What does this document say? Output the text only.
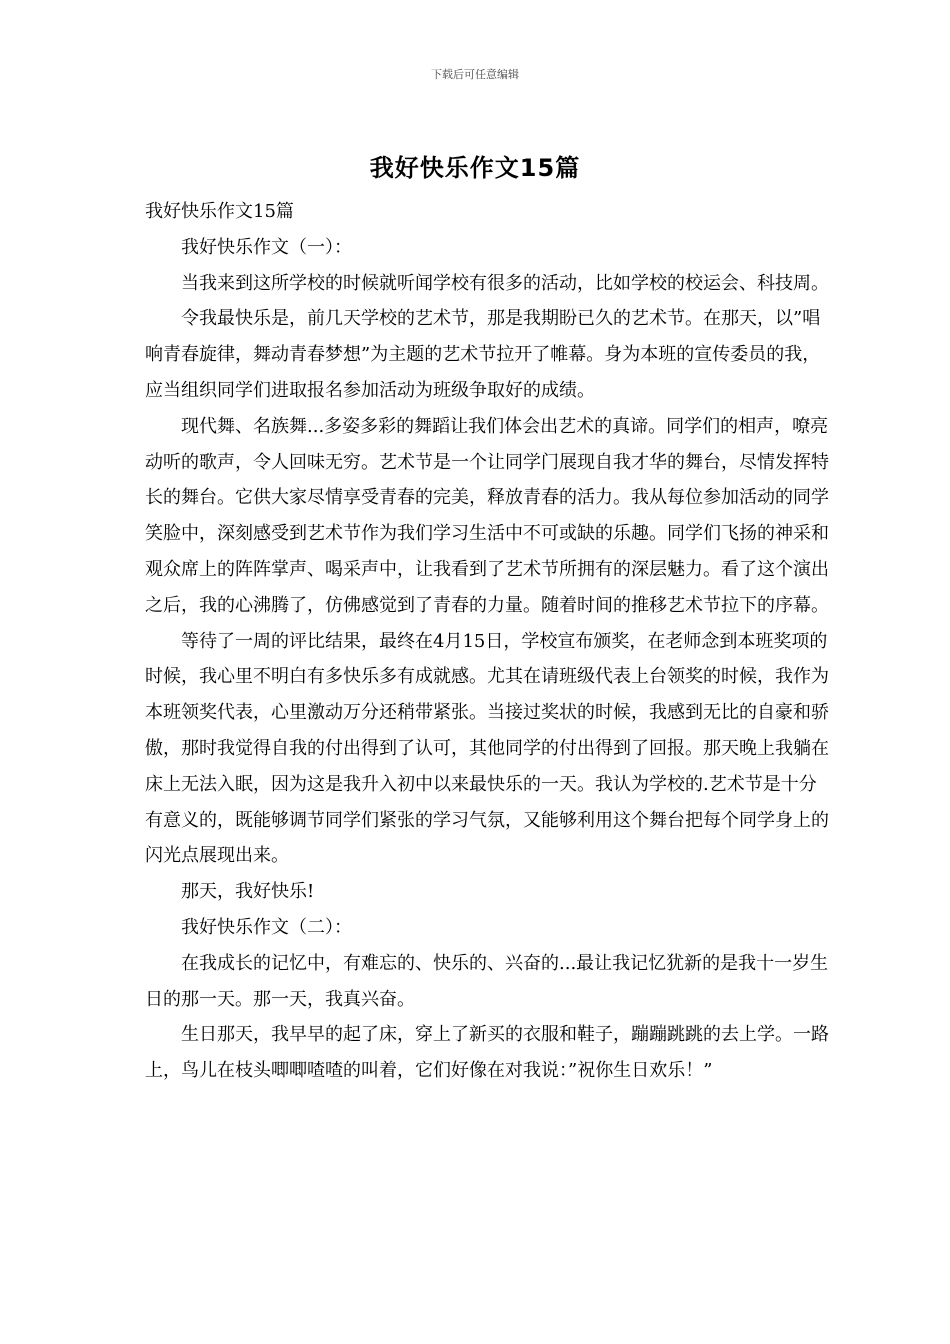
下载后可任意编辑
我好快乐作文15篇

我好快乐作文15篇

我好快乐作文（一）：

当我来到这所学校的时候就听闻学校有很多的活动，比如学校的校运会、科技周。

令我最快乐是，前几天学校的艺术节，那是我期盼已久的艺术节。在那天，以”唱响青春旋律，舞动青春梦想”为主题的艺术节拉开了帷幕。身为本班的宣传委员的我，应当组织同学们进取报名参加活动为班级争取好的成绩。

现代舞、名族舞...多姿多彩的舞蹈让我们体会出艺术的真谛。同学们的相声，嘹亮动听的歌声，令人回味无穷。艺术节是一个让同学门展现自我才华的舞台，尽情发挥特长的舞台。它供大家尽情享受青春的完美，释放青春的活力。我从每位参加活动的同学笑脸中，深刻感受到艺术节作为我们学习生活中不可或缺的乐趣。同学们飞扬的神采和观众席上的阵阵掌声、喝采声中，让我看到了艺术节所拥有的深层魅力。看了这个演出之后，我的心沸腾了，仿佛感觉到了青春的力量。随着时间的推移艺术节拉下的序幕。

等待了一周的评比结果，最终在4月15日，学校宣布颁奖，在老师念到本班奖项的时候，我心里不明白有多快乐多有成就感。尤其在请班级代表上台领奖的时候，我作为本班领奖代表，心里激动万分还稍带紧张。当接过奖状的时候，我感到无比的自豪和骄傲，那时我觉得自我的付出得到了认可，其他同学的付出得到了回报。那天晚上我躺在床上无法入眠，因为这是我升入初中以来最快乐的一天。我认为学校的.艺术节是十分有意义的，既能够调节同学们紧张的学习气氛，又能够利用这个舞台把每个同学身上的闪光点展现出来。

那天，我好快乐!

我好快乐作文（二）：

在我成长的记忆中，有难忘的、快乐的、兴奋的...最让我记忆犹新的是我十一岁生日的那一天。那一天，我真兴奋。

生日那天，我早早的起了床，穿上了新买的衣服和鞋子，蹦蹦跳跳的去上学。一路上，鸟儿在枝头唧唧喳喳的叫着，它们好像在对我说：”祝你生日欢乐！”
